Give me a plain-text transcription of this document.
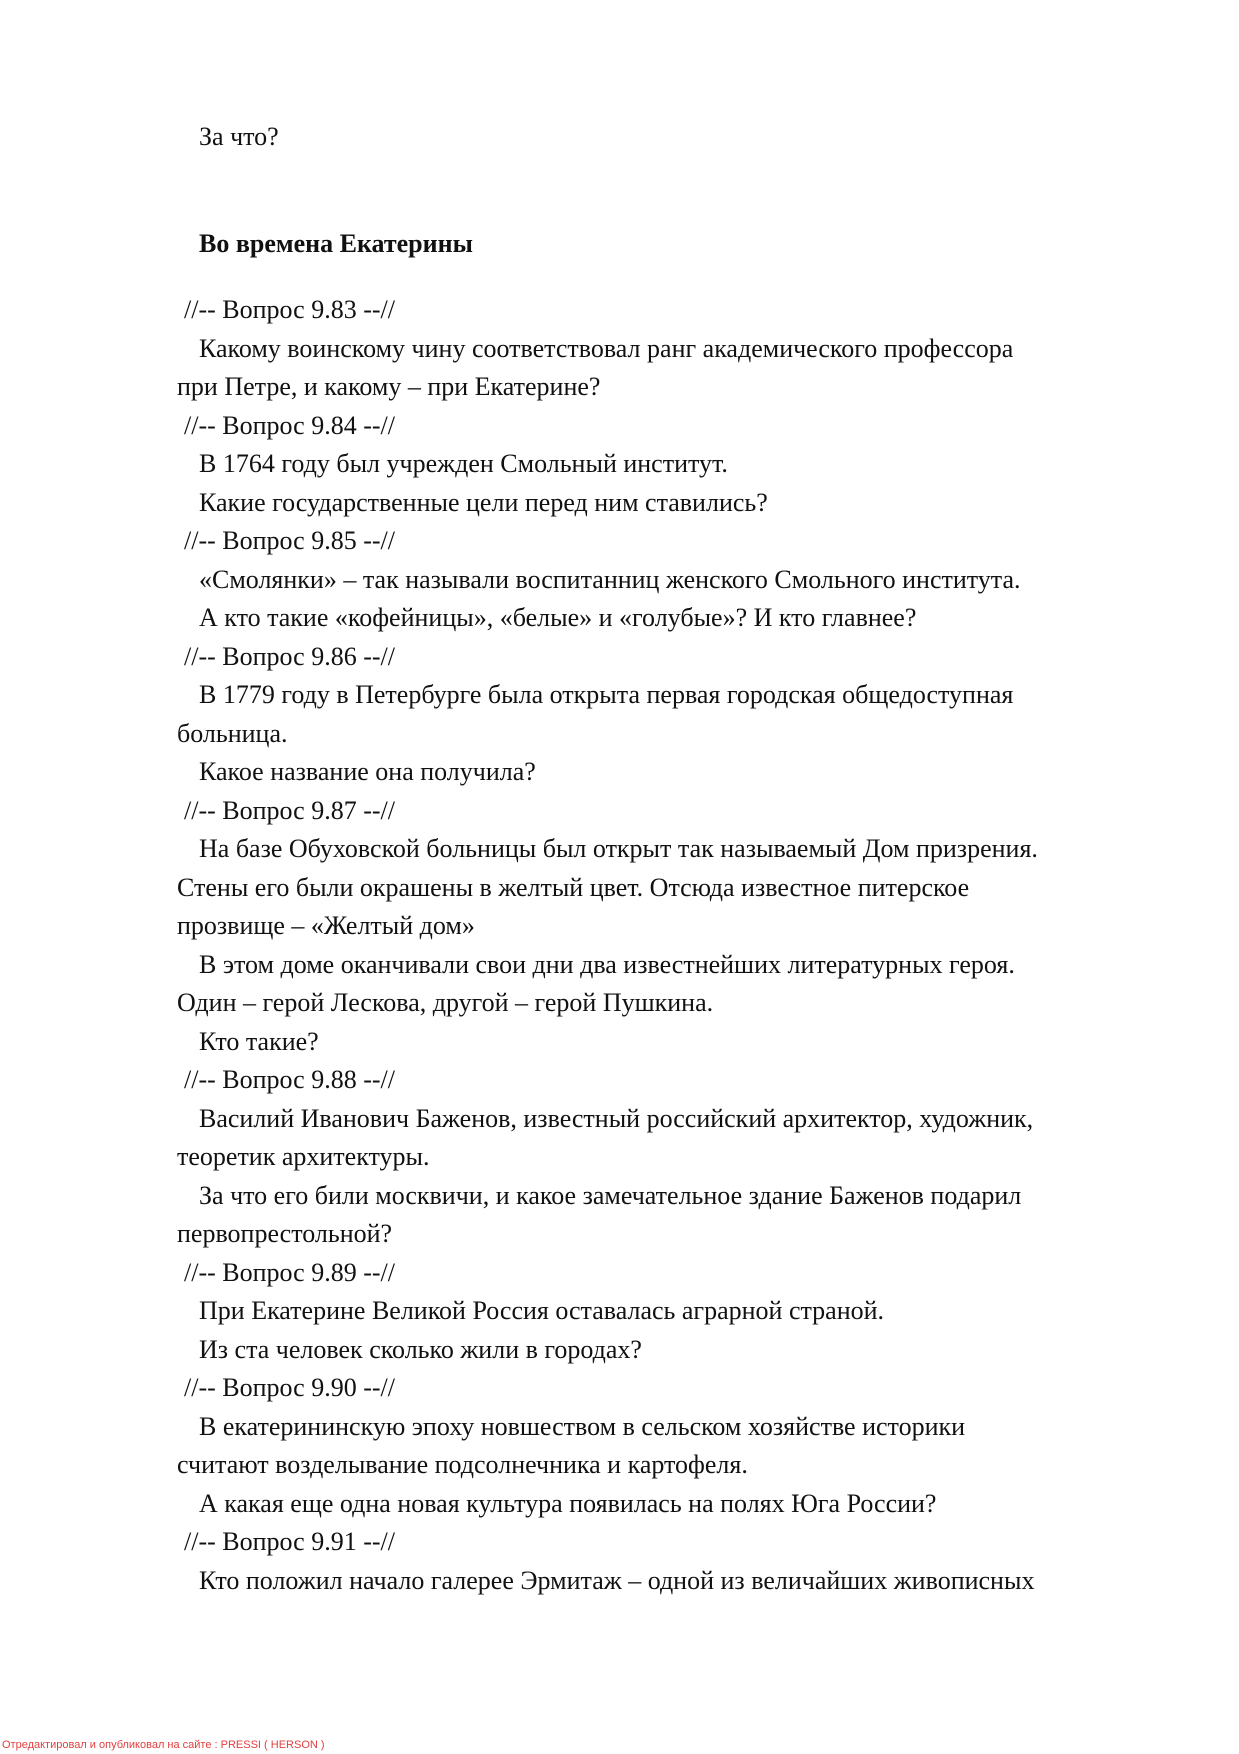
За что?
Во времена Екатерины
//-- Вопрос 9.83 --//
Какому воинскому чину соответствовал ранг академического профессора
при Петре, и какому – при Екатерине?
//-- Вопрос 9.84 --//
В 1764 году был учрежден Смольный институт.
Какие государственные цели перед ним ставились?
//-- Вопрос 9.85 --//
«Смолянки» – так называли воспитанниц женского Смольного института.
А кто такие «кофейницы», «белые» и «голубые»? И кто главнее?
//-- Вопрос 9.86 --//
В 1779 году в Петербурге была открыта первая городская общедоступная
больница.
Какое название она получила?
//-- Вопрос 9.87 --//
На базе Обуховской больницы был открыт так называемый Дом призрения.
Стены его были окрашены в желтый цвет. Отсюда известное питерское
прозвище – «Желтый дом»
В этом доме оканчивали свои дни два известнейших литературных героя.
Один – герой Лескова, другой – герой Пушкина.
Кто такие?
//-- Вопрос 9.88 --//
Василий Иванович Баженов, известный российский архитектор, художник,
теоретик архитектуры.
За что его били москвичи, и какое замечательное здание Баженов подарил
первопрестольной?
//-- Вопрос 9.89 --//
При Екатерине Великой Россия оставалась аграрной страной.
Из ста человек сколько жили в городах?
//-- Вопрос 9.90 --//
В екатерининскую эпоху новшеством в сельском хозяйстве историки
считают возделывание подсолнечника и картофеля.
А какая еще одна новая культура появилась на полях Юга России?
//-- Вопрос 9.91 --//
Кто положил начало галерее Эрмитаж – одной из величайших живописных
Отредактировал и опубликовал на сайте : PRESSI ( HERSON )
